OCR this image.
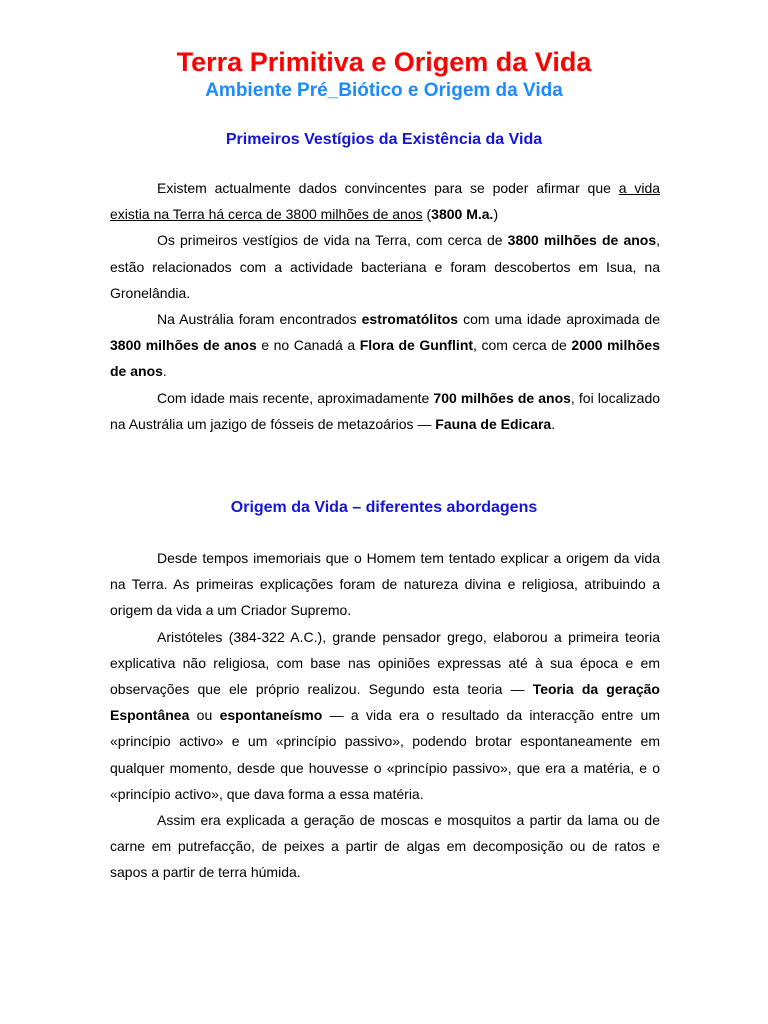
Terra Primitiva e Origem da Vida
Ambiente Pré_Biótico e Origem da Vida
Primeiros Vestígios da Existência da Vida

Existem actualmente dados convincentes para se poder afirmar que a vida existia na Terra há cerca de 3800 milhões de anos (3800 M.a.)

Os primeiros vestígios de vida na Terra, com cerca de 3800 milhões de anos, estão relacionados com a actividade bacteriana e foram descobertos em Isua, na Gronelândia.

Na Austrália foram encontrados estromatólitos com uma idade aproximada de 3800 milhões de anos e no Canadá a Flora de Gunflint, com cerca de 2000 milhões de anos.

Com idade mais recente, aproximadamente 700 milhões de anos, foi localizado na Austrália um jazigo de fósseis de metazoários — Fauna de Edicara.

Origem da Vida – diferentes abordagens

Desde tempos imemoriais que o Homem tem tentado explicar a origem da vida na Terra. As primeiras explicações foram de natureza divina e religiosa, atribuindo a origem da vida a um Criador Supremo.

Aristóteles (384-322 A.C.), grande pensador grego, elaborou a primeira teoria explicativa não religiosa, com base nas opiniões expressas até à sua época e em observações que ele próprio realizou. Segundo esta teoria — Teoria da geração Espontânea ou espontaneísmo — a vida era o resultado da interacção entre um «princípio activo» e um «princípio passivo», podendo brotar espontaneamente em qualquer momento, desde que houvesse o «princípio passivo», que era a matéria, e o «princípio activo», que dava forma a essa matéria.

Assim era explicada a geração de moscas e mosquitos a partir da lama ou de carne em putrefacção, de peixes a partir de algas em decomposição ou de ratos e sapos a partir de terra húmida.
